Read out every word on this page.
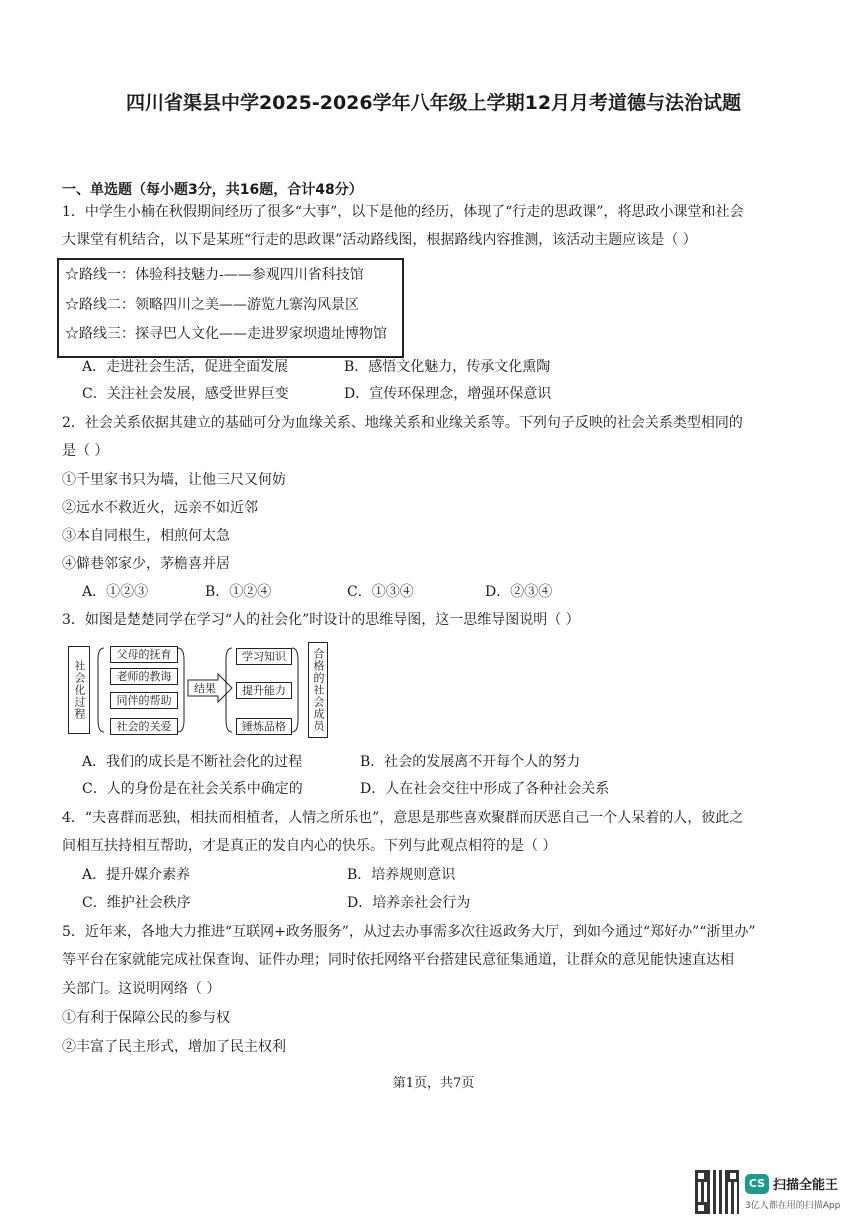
四川省渠县中学2025-2026学年八年级上学期12月月考道德与法治试题
一、单选题（每小题3分，共16题，合计48分）
1．中学生小楠在秋假期间经历了很多“大事”，以下是他的经历，体现了“行走的思政课”，将思政小课堂和社会
大课堂有机结合，以下是某班“行走的思政课”活动路线图，根据路线内容推测，该活动主题应该是（ ）
☆路线一：体验科技魅力-——参观四川省科技馆
☆路线二：领略四川之美——游览九寨沟风景区
☆路线三：探寻巴人文化——走进罗家坝遗址博物馆
A．走进社会生活，促进全面发展	B．感悟文化魅力，传承文化熏陶
C．关注社会发展，感受世界巨变	D．宣传环保理念，增强环保意识
2．社会关系依据其建立的基础可分为血缘关系、地缘关系和业缘关系等。下列句子反映的社会关系类型相同的
是（ ）
①千里家书只为墙，让他三尺又何妨
②远水不救近火，远亲不如近邻
③本自同根生，相煎何太急
④僻巷邻家少，茅檐喜并居
A．①②③	B．①②④	C．①③④	D．②③④
3．如图是楚楚同学在学习“人的社会化”时设计的思维导图，这一思维导图说明（ ）
社会化过程
父母的抚育
老师的教诲
同伴的帮助
社会的关爱
结果
学习知识
提升能力
锤炼品格	合格的社会成员
A．我们的成长是不断社会化的过程	B．社会的发展离不开每个人的努力
C．人的身份是在社会关系中确定的	D．人在社会交往中形成了各种社会关系
4．“夫喜群而恶独，相扶而相植者，人情之所乐也”，意思是那些喜欢聚群而厌恶自己一个人呆着的人，彼此之
间相互扶持相互帮助，才是真正的发自内心的快乐。下列与此观点相符的是（ ）
A．提升媒介素养	B．培养规则意识
C．维护社会秩序	D．培养亲社会行为
5．近年来，各地大力推进“互联网+政务服务”，从过去办事需多次往返政务大厅，到如今通过“郑好办”“浙里办”
等平台在家就能完成社保查询、证件办理；同时依托网络平台搭建民意征集通道，让群众的意见能快速直达相
关部门。这说明网络（ ）
①有利于保障公民的参与权
②丰富了民主形式，增加了民主权利
第1页，共7页
CS 扫描全能王
3亿人都在用的扫描App
